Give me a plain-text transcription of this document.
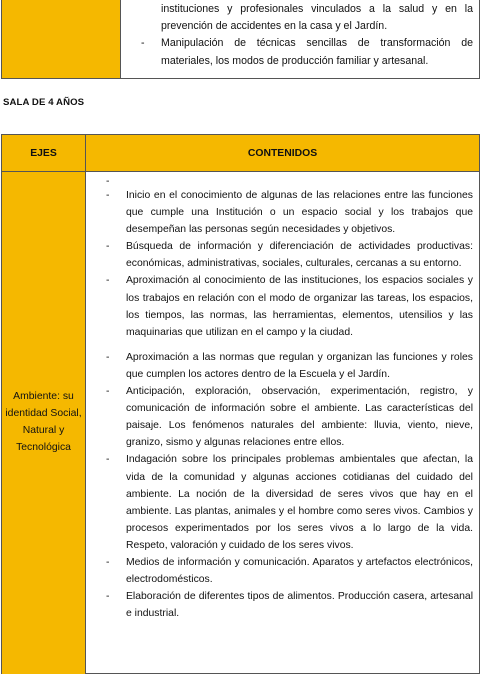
instituciones y profesionales vinculados a la salud y en la prevención de accidentes en la casa y el Jardín.
- Manipulación de técnicas sencillas de transformación de materiales, los modos de producción familiar y artesanal.
SALA DE 4 AÑOS
EJES	CONTENIDOS
Ambiente: su identidad Social, Natural y Tecnológica
-
- Inicio en el conocimiento de algunas de las relaciones entre las funciones que cumple una Institución o un espacio social y los trabajos que desempeñan las personas según necesidades y objetivos.
- Búsqueda de información y diferenciación de actividades productivas: económicas, administrativas, sociales, culturales, cercanas a su entorno.
- Aproximación al conocimiento de las instituciones, los espacios sociales y los trabajos en relación con el modo de organizar las tareas, los espacios, los tiempos, las normas, las herramientas, elementos, utensilios y las maquinarias que utilizan en el campo y la ciudad.
- Aproximación a las normas que regulan y organizan las funciones y roles que cumplen los actores dentro de la Escuela y el Jardín.
- Anticipación, exploración, observación, experimentación, registro, y comunicación de información sobre el ambiente. Las características del paisaje. Los fenómenos naturales del ambiente: lluvia, viento, nieve, granizo, sismo y algunas relaciones entre ellos.
- Indagación sobre los principales problemas ambientales que afectan, la vida de la comunidad y algunas acciones cotidianas del cuidado del ambiente. La noción de la diversidad de seres vivos que hay en el ambiente. Las plantas, animales y el hombre como seres vivos. Cambios y procesos experimentados por los seres vivos a lo largo de la vida. Respeto, valoración y cuidado de los seres vivos.
- Medios de información y comunicación. Aparatos y artefactos electrónicos, electrodomésticos.
- Elaboración de diferentes tipos de alimentos. Producción casera, artesanal e industrial.
